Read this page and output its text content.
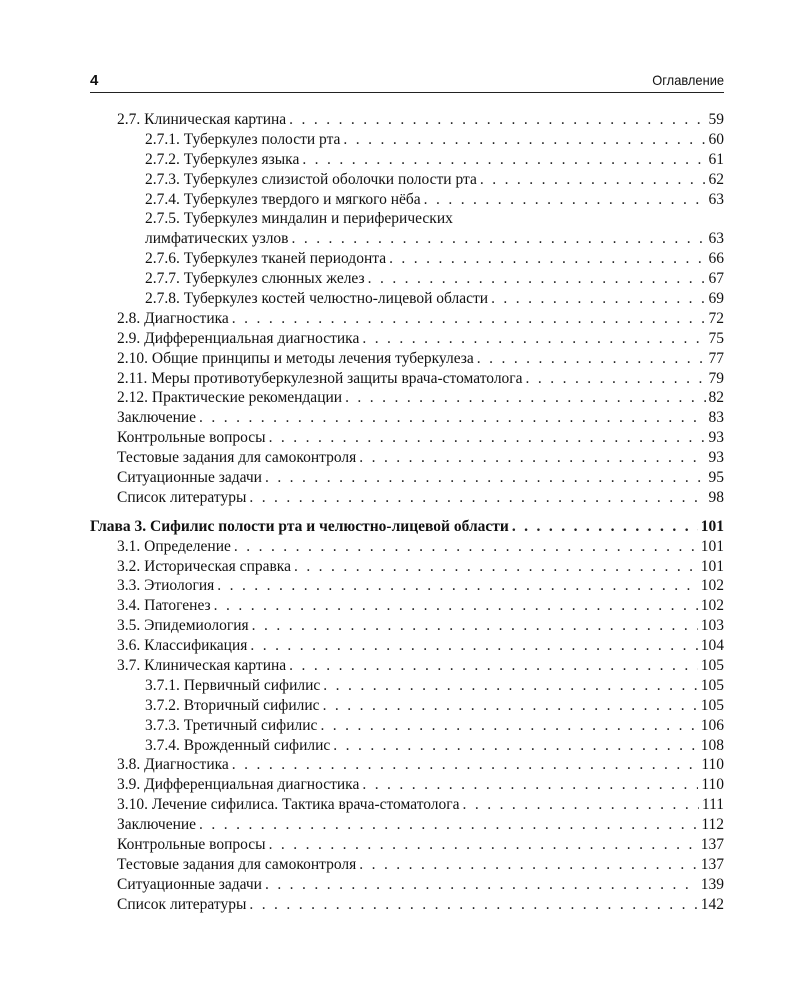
4	Оглавление
2.7. Клиническая картина . . .	59
2.7.1. Туберкулез полости рта . . .	60
2.7.2. Туберкулез языка . . .	61
2.7.3. Туберкулез слизистой оболочки полости рта . . .	62
2.7.4. Туберкулез твердого и мягкого нёба . . .	63
2.7.5. Туберкулез миндалин и периферических
лимфатических узлов . . .	63
2.7.6. Туберкулез тканей периодонта . . .	66
2.7.7. Туберкулез слюнных желез . . .	67
2.7.8. Туберкулез костей челюстно-лицевой области . . .	69
2.8. Диагностика . . .	72
2.9. Дифференциальная диагностика . . .	75
2.10. Общие принципы и методы лечения туберкулеза . . .	77
2.11. Меры противотуберкулезной защиты врача-стоматолога . . .	79
2.12. Практические рекомендации . . .	82
Заключение . . .	83
Контрольные вопросы . . .	93
Тестовые задания для самоконтроля . . .	93
Ситуационные задачи . . .	95
Список литературы . . .	98
Глава 3. Сифилис полости рта и челюстно-лицевой области . . .	101
3.1. Определение . . .	101
3.2. Историческая справка . . .	101
3.3. Этиология . . .	102
3.4. Патогенез . . .	102
3.5. Эпидемиология . . .	103
3.6. Классификация . . .	104
3.7. Клиническая картина . . .	105
3.7.1. Первичный сифилис . . .	105
3.7.2. Вторичный сифилис . . .	105
3.7.3. Третичный сифилис . . .	106
3.7.4. Врожденный сифилис . . .	108
3.8. Диагностика . . .	110
3.9. Дифференциальная диагностика . . .	110
3.10. Лечение сифилиса. Тактика врача-стоматолога . . .	111
Заключение . . .	112
Контрольные вопросы . . .	137
Тестовые задания для самоконтроля . . .	137
Ситуационные задачи . . .	139
Список литературы . . .	142
